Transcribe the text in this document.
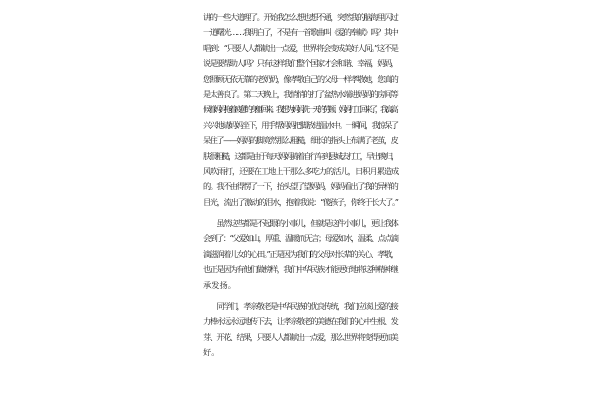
讲的一些大道理了。开始我怎么想也想不通，突然我的脑海里闪过
一道曙光……我明白了，不是有一首歌曲叫《爱的奉献》吗？其中
唱到：“只要人人都献出一点爱，世界将会变成美好人间。”这不是
说是要帮助人吗？只有这样我们整个国家才会和谐、幸福，妈妈，
您照顾无依无靠的老奶奶，像孝敬自己的父母一样孝敬她，您真的
是太善良了。第二天晚上，我悄悄的打了盆热水端进妈妈的房间等
候着妈妈拖着疲惫的身躯回来。我想为妈妈洗一天的劳顿。妈妈打工回来了，我高高
兴兴地请妈妈坐下，用手帮妈妈把脚放进温水中。一瞬间，我惊呆了
呆住了——妈妈的脚竟然那么粗糙，细长的指头上布满了老茧，皮
肤很粗糙，这都是由于每天妈妈骑着自行车到县城去打工，早出晚归，
风吹雨打，还要在工地上干那么多吃力的活儿，日积月累造成
的。我不由得愣了一下，抬头望了望妈妈，妈妈看出了我的异样的
目光，流出了激动的泪水，抱着我说：“傻孩子，你终于长大了。”
　　虽然这些都是不起眼的小事儿，但就是这件小事儿，更让我体
会到了：“父爱如山，厚重、温暖而无言；母爱如水，温柔、点点滴
滴滋润着儿女的心田。”正是因为我们的父母对长辈的关心、孝敬，
也正是因为有他们做榜样，我们中华民族才能更好地将这种精神继
承发扬。
　　同学们，孝亲敬老是中华民族的优良传统，我们应该让爱的接
力棒永远永远地传下去，让孝亲敬老的美德在我们的心中生根、发
芽、开花、结果，只要人人都献出一点爱，那么世界将变得更加美
好。
